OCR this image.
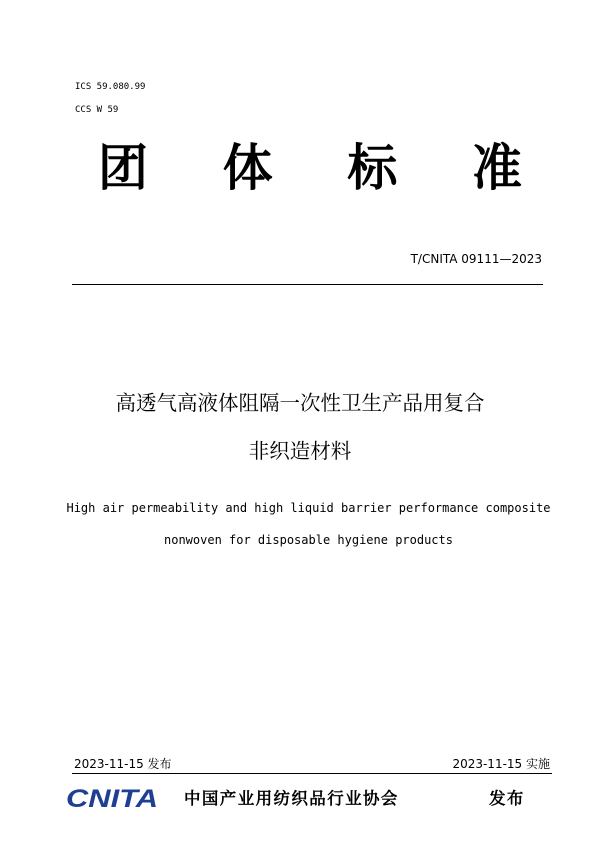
ICS 59.080.99
CCS W 59
团 体 标 准
T/CNITA 09111—2023
高透气高液体阻隔一次性卫生产品用复合
非织造材料
High air permeability and high liquid barrier performance composite
nonwoven for disposable hygiene products
2023-11-15 发布	2023-11-15 实施
CNITA 中国产业用纺织品行业协会	发布
